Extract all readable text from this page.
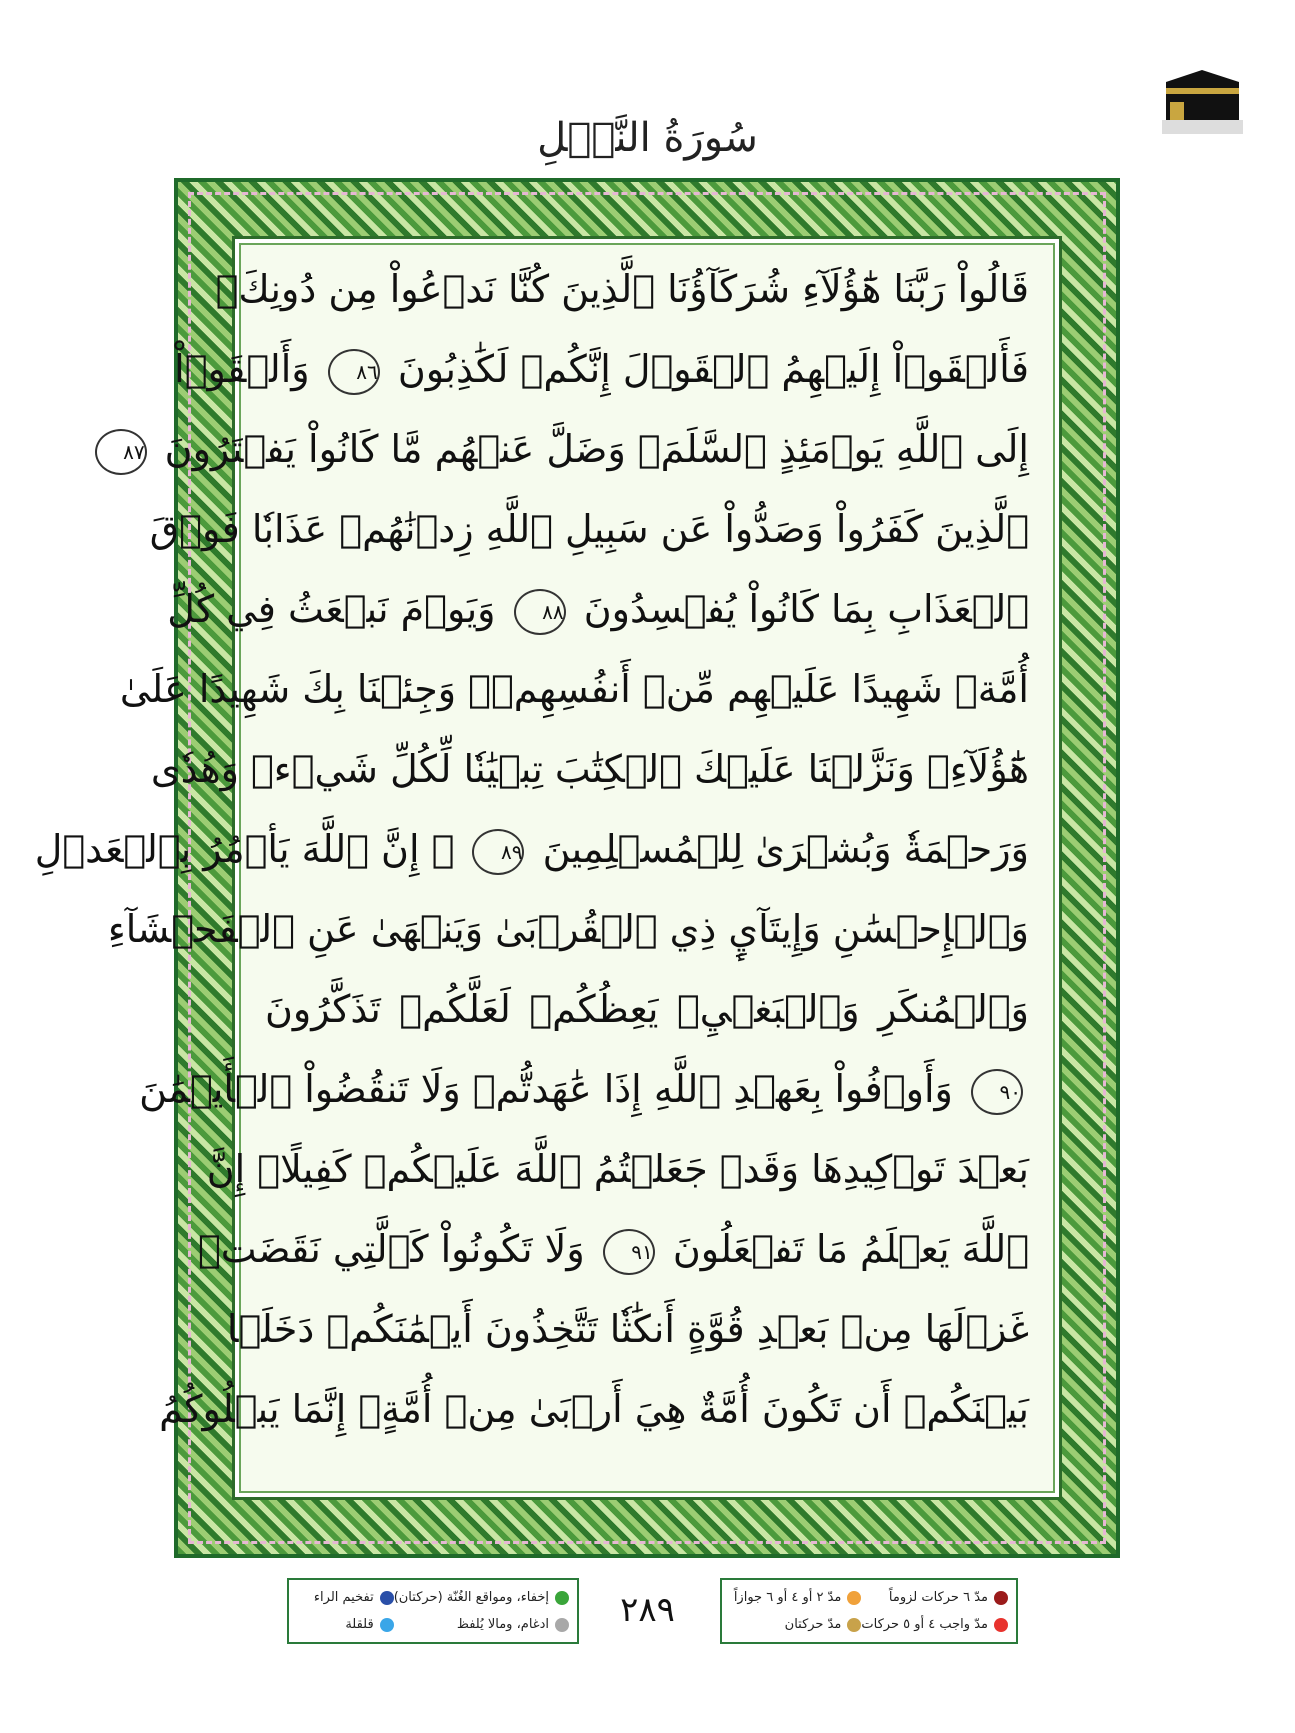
سُورَةُ النَّحۡلِ
قَالُواْ رَبَّنَا هَٰٓؤُلَآءِ شُرَكَآؤُنَا ٱلَّذِينَ كُنَّا نَدۡعُواْ مِن دُونِكَۖ
فَأَلۡقَوۡاْ إِلَيۡهِمُ ٱلۡقَوۡلَ إِنَّكُمۡ لَكَٰذِبُونَ ٨٦ وَأَلۡقَوۡاْ
إِلَى ٱللَّهِ يَوۡمَئِذٍ ٱلسَّلَمَۖ وَضَلَّ عَنۡهُم مَّا كَانُواْ يَفۡتَرُونَ ٨٧
ٱلَّذِينَ كَفَرُواْ وَصَدُّواْ عَن سَبِيلِ ٱللَّهِ زِدۡنَٰهُمۡ عَذَابٗا فَوۡقَ
ٱلۡعَذَابِ بِمَا كَانُواْ يُفۡسِدُونَ ٨٨ وَيَوۡمَ نَبۡعَثُ فِي كُلِّ
أُمَّةٖ شَهِيدًا عَلَيۡهِم مِّنۡ أَنفُسِهِمۡۖ وَجِئۡنَا بِكَ شَهِيدًا عَلَىٰ
هَٰٓؤُلَآءِۚ وَنَزَّلۡنَا عَلَيۡكَ ٱلۡكِتَٰبَ تِبۡيَٰنٗا لِّكُلِّ شَيۡءٖ وَهُدٗى
وَرَحۡمَةٗ وَبُشۡرَىٰ لِلۡمُسۡلِمِينَ ٨٩ ۞ إِنَّ ٱللَّهَ يَأۡمُرُ بِٱلۡعَدۡلِ
وَٱلۡإِحۡسَٰنِ وَإِيتَآيِٕ ذِي ٱلۡقُرۡبَىٰ وَيَنۡهَىٰ عَنِ ٱلۡفَحۡشَآءِ
وَٱلۡمُنكَرِ وَٱلۡبَغۡيِۚ يَعِظُكُمۡ لَعَلَّكُمۡ تَذَكَّرُونَ
٩٠ وَأَوۡفُواْ بِعَهۡدِ ٱللَّهِ إِذَا عَٰهَدتُّمۡ وَلَا تَنقُضُواْ ٱلۡأَيۡمَٰنَ
بَعۡدَ تَوۡكِيدِهَا وَقَدۡ جَعَلۡتُمُ ٱللَّهَ عَلَيۡكُمۡ كَفِيلًاۚ إِنَّ
ٱللَّهَ يَعۡلَمُ مَا تَفۡعَلُونَ ٩١ وَلَا تَكُونُواْ كَٱلَّتِي نَقَضَتۡ
غَزۡلَهَا مِنۢ بَعۡدِ قُوَّةٍ أَنكَٰثٗا تَتَّخِذُونَ أَيۡمَٰنَكُمۡ دَخَلَۢا
بَيۡنَكُمۡ أَن تَكُونَ أُمَّةٌ هِيَ أَرۡبَىٰ مِنۡ أُمَّةٍۚ إِنَّمَا يَبۡلُوكُمُ
إخفاء، ومواقع الغُنّة (حركتان)
تفخيم الراء
ادغام، ومالا يُلفظ
قلقلة	٢٨٩	مدّ ٦ حركات لزوماً
مدّ ٢ أو ٤ أو ٦ جوازاً
مدّ واجب ٤ أو ٥ حركات
مدّ حركتان
